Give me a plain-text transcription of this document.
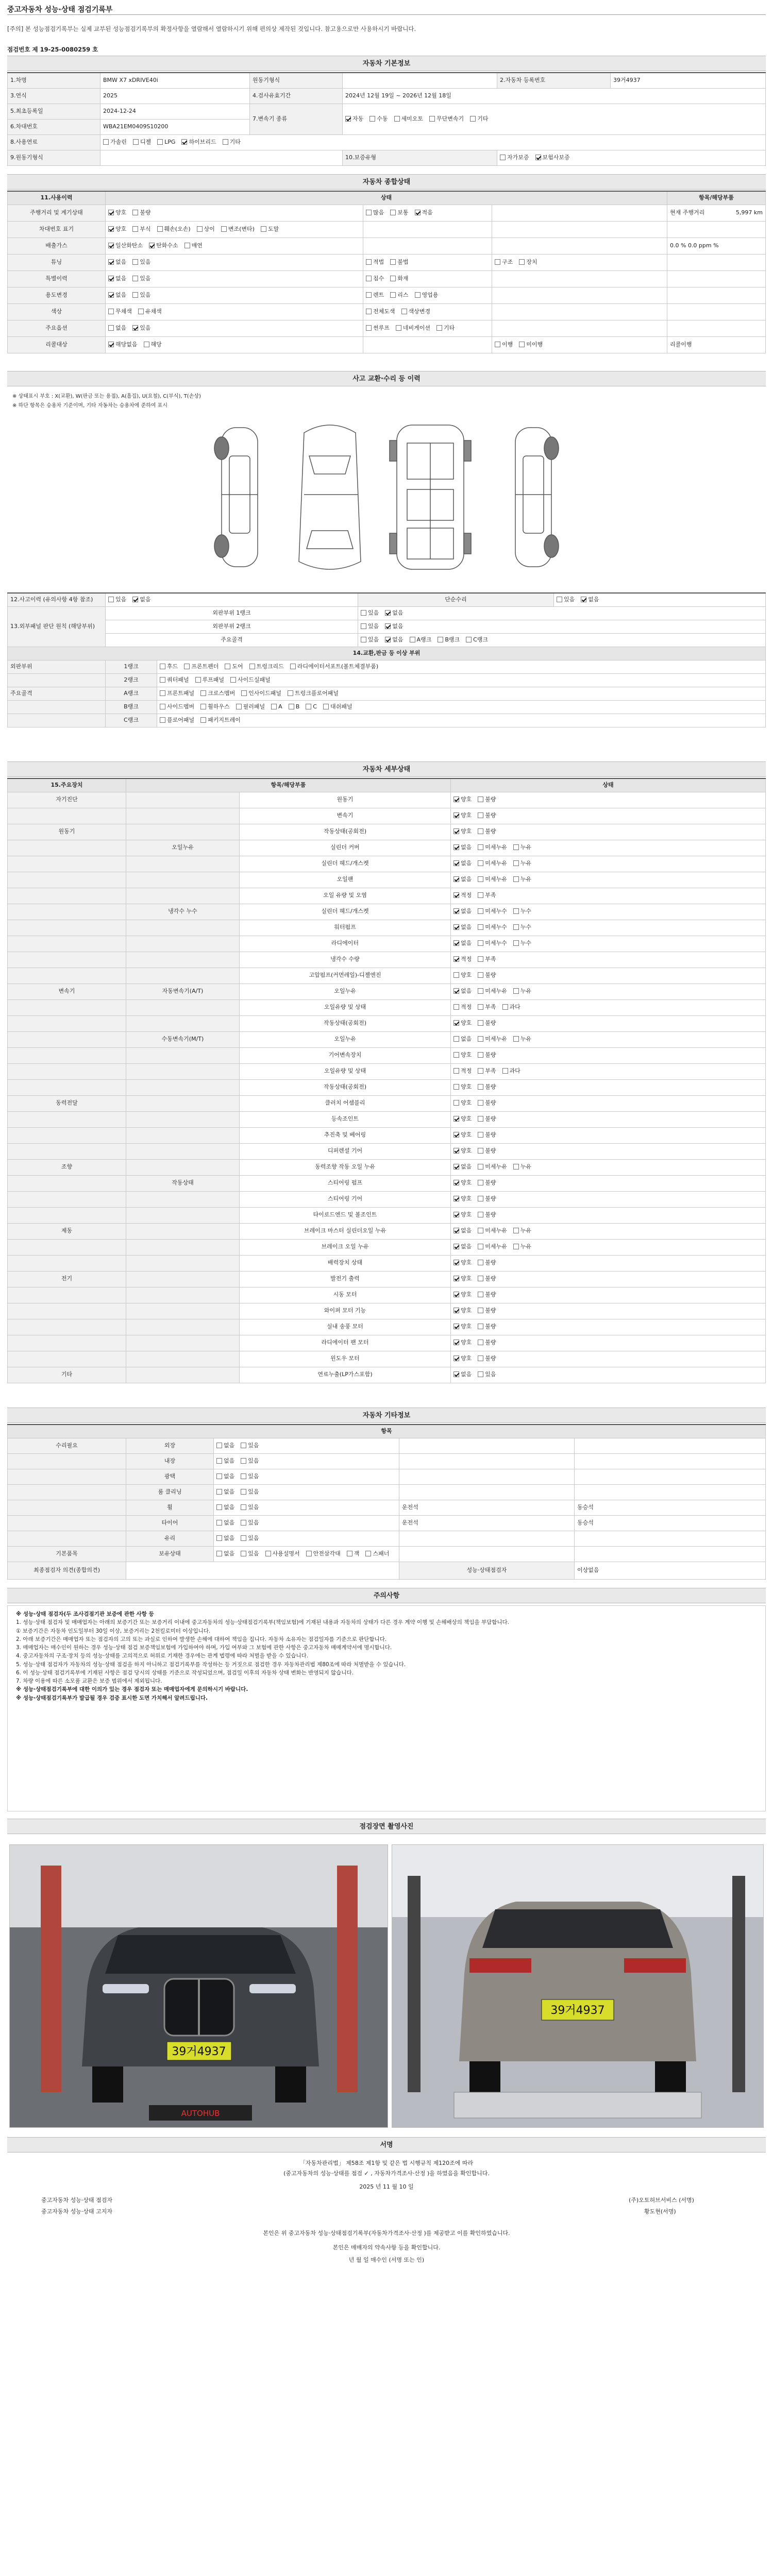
중고자동차 성능·상태 점검기록부
[주의] 본 성능점검기록부는 실제 교부된 성능점검기록부의 확정사항을 열람해서 열람하시기 위해 편의상 제작된 것입니다. 참고용으로만 사용하시기 바랍니다.
점검번호 제 19-25-0080259 호
자동차 기본정보
1.차명	BMW X7 xDRIVE40i	원동기형식		2.자동차 등록번호	39거4937
3.연식	2025	4.검사유효기간	2024년 12월 19일 ~ 2026년 12월 18일		
5.최초등록일	2024-12-24	7.변속기 종류	자동 수동 세미오토 무단변속기 기타		
6.차대번호	WBA21EM0409S10200				
8.사용연료	가솔린 디젤 LPG 하이브리드 기타				
9.원동기형식			10.보증유형	자가보증 보험사보증	
자동차 종합상태
11.사용이력	상태			항목/해당부품
주행거리 및 계기상태	양호 불량	많음 보통 적음		현재 주행거리 5,997 km

차대번호 표기	양호 부식 훼손(오손) 상이 변조(변타) 도말			
배출가스	일산화탄소 탄화수소 매연			0.0 % 0.0 ppm %
튜닝	없음 있음	적법 불법	구조 장치	
특별이력	없음 있음	침수 화재		
용도변경	없음 있음	렌트 리스 영업용		
색상	무채색 유채색	전체도색 색상변경		
주요옵션	없음 있음	썬루프 네비게이션 기타		
리콜대상	해당없음 해당		이행 미이행	리콜이행
사고 교환·수리 등 이력
※ 상태표시 부호 : X(교환), W(판금 또는 용접), A(흠집), U(요철), C(부식), T(손상)
※ 하단 항목은 승용차 기준이며, 기타 자동차는 승용차에 준하여 표시
12.사고이력 (유의사항 4항 참조)	있음 없음		단순수리	있음 없음
13.외부패널 판단 원칙 (해당부위)	외판부위 1랭크		있음 없음	
	외판부위 2랭크		있음 없음	
	주요골격		있음 없음 A랭크 B랭크 C랭크	
14.교환,판금 등 이상 부위				
외판부위	1랭크	후드 프론트펜더 도어 트렁크리드 라디에이터서포트(볼트체결부품)		
	2랭크	쿼터패널 루프패널 사이드실패널		
주요골격	A랭크	프론트패널 크로스멤버 인사이드패널 트렁크플로어패널		
	B랭크	사이드멤버 휠하우스 필러패널 A B C 대쉬패널		
	C랭크	플로어패널 패키지트레이		
자동차 세부상태
15.주요장치	항목/해당부품		상태
자기진단		원동기	양호 불량
		변속기	양호 불량
원동기		작동상태(공회전)	양호 불량
	오일누유	실린더 커버	없음 미세누유 누유
		실린더 헤드/개스켓	없음 미세누유 누유
		오일팬	없음 미세누유 누유
		오일 유량 및 오염	적정 부족
	냉각수 누수	실린더 헤드/개스켓	없음 미세누수 누수
		워터펌프	없음 미세누수 누수
		라디에이터	없음 미세누수 누수
		냉각수 수량	적정 부족
		고압펌프(커먼레일)-디젤엔진	양호 불량
변속기	자동변속기(A/T)	오일누유	없음 미세누유 누유
		오일유량 및 상태	적정 부족 과다
		작동상태(공회전)	양호 불량
	수동변속기(M/T)	오일누유	없음 미세누유 누유
		기어변속장치	양호 불량
		오일유량 및 상태	적정 부족 과다
		작동상태(공회전)	양호 불량
동력전달		클러치 어셈블리	양호 불량
		등속조인트	양호 불량
		추진축 및 베어링	양호 불량
		디퍼렌셜 기어	양호 불량
조향		동력조향 작동 오일 누유	없음 미세누유 누유
	작동상태	스티어링 펌프	양호 불량
		스티어링 기어	양호 불량
		타이로드엔드 및 볼조인트	양호 불량
제동		브레이크 마스터 실린더오일 누유	없음 미세누유 누유
		브레이크 오일 누유	없음 미세누유 누유
		배력장치 상태	양호 불량
전기		발전기 출력	양호 불량
		시동 모터	양호 불량
		와이퍼 모터 기능	양호 불량
		실내 송풍 모터	양호 불량
		라디에이터 팬 모터	양호 불량
		윈도우 모터	양호 불량
기타		연료누출(LP가스포함)	없음 있음
자동차 기타정보
항목				
수리필요	외장	없음 있음		
	내장	없음 있음		
	광택	없음 있음		
	룸 클리닝	없음 있음		
	휠	없음 있음	운전석	동승석
	타이어	없음 있음	운전석	동승석
	유리	없음 있음		
기본품목	보유상태	없음 있음 사용설명서 안전삼각대 잭 스패너		
최종점검자 의견(종합의견)			성능·상태점검자	이상없음
주의사항

※ 성능·상태 점검자(두 조사검점기관 보증에 관한 사항 등

1. 성능·상태 점검자 및 매매업자는 아래의 보증기간 또는 보증거리 이내에 중고자동차의 성능·상태점검기록부(책임보험)에 기재된 내용과 자동차의 상태가 다른 경우 계약 이행 및 손해배상의 책임을 부담합니다.

① 보증기간은 자동차 인도일부터 30일 이상, 보증거리는 2천킬로미터 이상입니다.

2. 아래 보증기간은 매매업자 또는 점검자의 고의 또는 과실로 인하여 발생한 손해에 대하여 책임을 집니다. 자동차 소유자는 점검일자를 기준으로 판단합니다.

3. 매매업자는 매수인이 원하는 경우 성능·상태 점검 보증책임보험에 가입하여야 하며, 가입 여부와 그 보험에 관한 사항은 중고자동차 매매계약서에 명시합니다.

4. 중고자동차의 구조·장치 등의 성능·상태를 고의적으로 허위로 기재한 경우에는 관계 법령에 따라 처벌을 받을 수 있습니다.

5. 성능·상태 점검자가 자동차의 성능·상태 점검을 하지 아니하고 점검기록부를 작성하는 등 거짓으로 점검한 경우 자동차관리법 제80조에 따라 처벌받을 수 있습니다.

6. 이 성능·상태 점검기록부에 기재된 사항은 점검 당시의 상태를 기준으로 작성되었으며, 점검일 이후의 자동차 상태 변화는 반영되지 않습니다.

7. 차량 이용에 따른 소모품 교환은 보증 범위에서 제외됩니다.

※ 성능·상태점검기록부에 대한 이의가 있는 경우 점검자 또는 매매업자에게 문의하시기 바랍니다.

※ 성능·상태점검기록부가 발급될 경우 검증 표시한 도면 가치해서 알려드립니다.

점검장면 촬영사진
39거4937
AUTOHUB
39거4937
서명
「자동차관리법」 제58조 제1항 및 같은 법 시행규칙 제120조에 따라
(중고자동차의 성능·상태를 점검 ✓ , 자동차가격조사·산정 )을 하였음을 확인합니다.
2025 년 11 월 10 일
중고자동차 성능·상태 점검자	(주)오토허브서비스 (서명)
중고자동차 성능·상태 고지자	황도현(서명)
본인은 위 중고자동차 성능·상태점검기록부(자동차가격조사·산정 )를 제공받고 이를 확인하였습니다.
본인은 매매자의 약속사항 등을 확인합니다.
년 월 일 매수인 (서명 또는 인)
